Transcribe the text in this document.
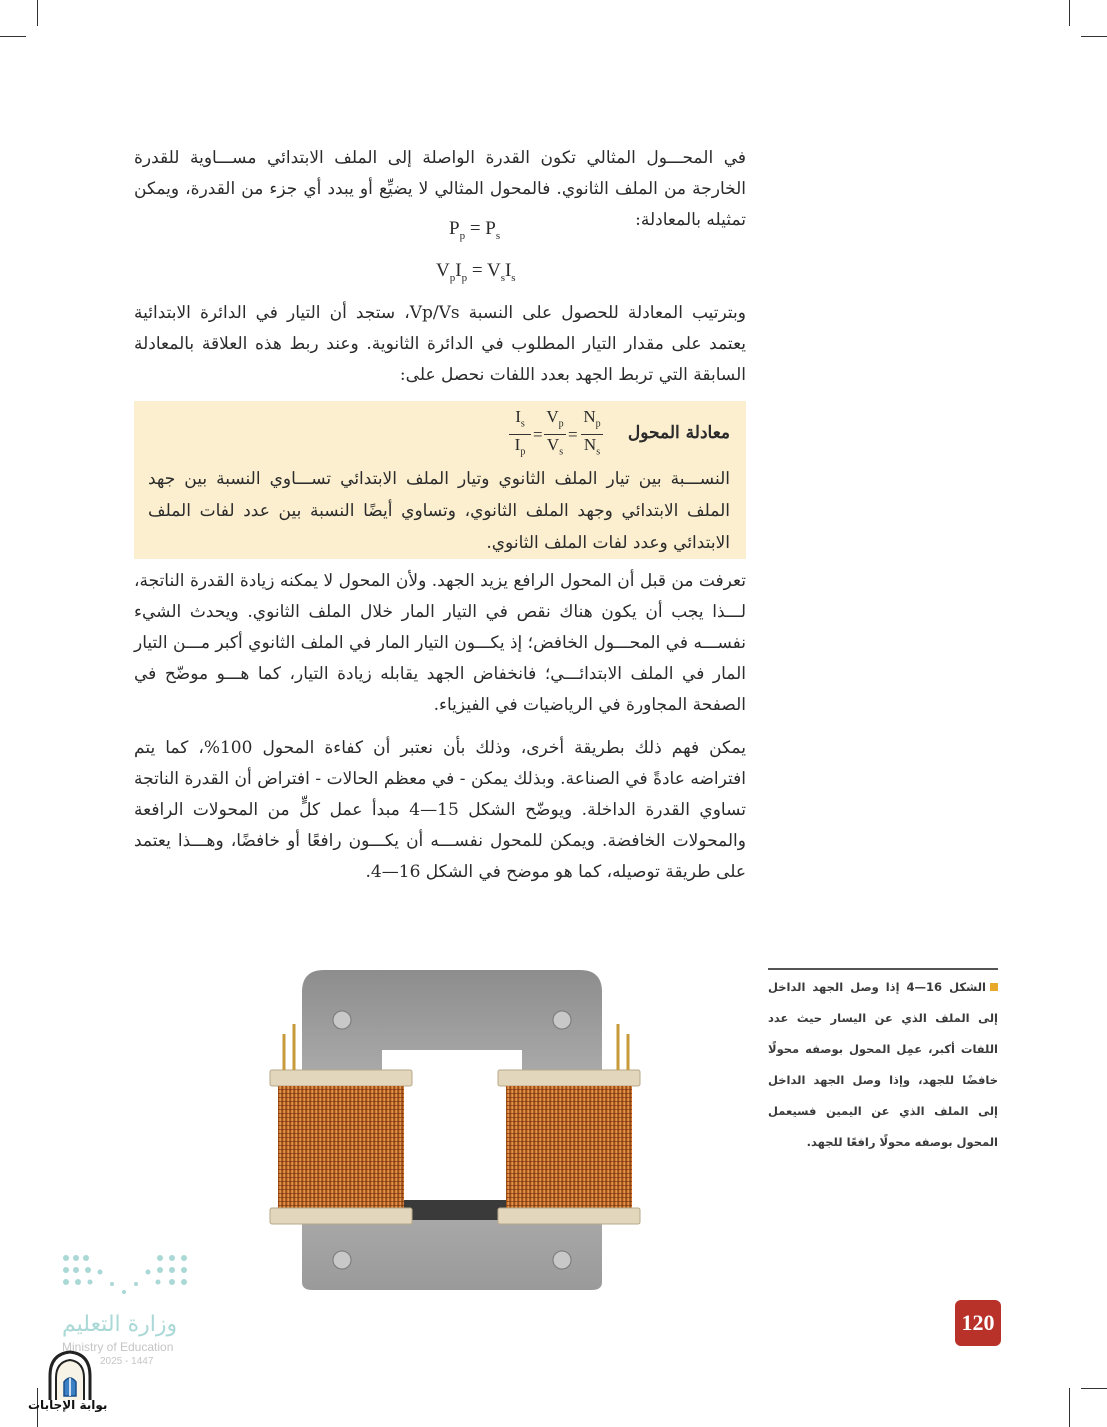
في المحـــول المثالي تكون القدرة الواصلة إلى الملف الابتدائي مســـاوية للقدرة الخارجة من الملف الثانوي. فالمحول المثالي لا يضيِّع أو يبدد أي جزء من القدرة، ويمكن تمثيله بالمعادلة:

$P_p = P_s$
$V_pI_p = V_sI_s$

وبترتيب المعادلة للحصول على النسبة Vp/Vs، ستجد أن التيار في الدائرة الابتدائية يعتمد على مقدار التيار المطلوب في الدائرة الثانوية. وعند ربط هذه العلاقة بالمعادلة السابقة التي تربط الجهد بعدد اللفات نحصل على:

معادلة المحول
$\frac{I_s}{I_p} = \frac{V_p}{V_s} = \frac{N_p}{N_s}$
النســـبة بين تيار الملف الثانوي وتيار الملف الابتدائي تســـاوي النسبة بين جهد الملف الابتدائي وجهد الملف الثانوي، وتساوي أيضًا النسبة بين عدد لفات الملف الابتدائي وعدد لفات الملف الثانوي.

تعرفت من قبل أن المحول الرافع يزيد الجهد. ولأن المحول لا يمكنه زيادة القدرة الناتجة، لـــذا يجب أن يكون هناك نقص في التيار المار خلال الملف الثانوي. ويحدث الشيء نفســـه في المحـــول الخافض؛ إذ يكـــون التيار المار في الملف الثانوي أكبر مـــن التيار المار في الملف الابتدائـــي؛ فانخفاض الجهد يقابله زيادة التيار، كما هـــو موضّح في الصفحة المجاورة في الرياضيات في الفيزياء.

يمكن فهم ذلك بطريقة أخرى، وذلك بأن نعتبر أن كفاءة المحول 100%، كما يتم افتراضه عادةً في الصناعة. وبذلك يمكن - في معظم الحالات - افتراض أن القدرة الناتجة تساوي القدرة الداخلة. ويوضّح الشكل 15—4 مبدأ عمل كلٍّ من المحولات الرافعة والمحولات الخافضة. ويمكن للمحول نفســـه أن يكـــون رافعًا أو خافضًا، وهـــذا يعتمد على طريقة توصيله، كما هو موضح في الشكل 16—4.

الشكل 16—4 إذا وصل الجهد الداخل إلى الملف الذي عن اليسار حيث عدد اللفات أكبر، عمِل المحول بوصفه محولًا خافضًا للجهد، وإذا وصل الجهد الداخل إلى الملف الذي عن اليمين فسيعمل المحول بوصفه محولًا رافعًا للجهد.
120
وزارة التعليم
Ministry of Education
2025 - 1447
بوابة الإجابات
